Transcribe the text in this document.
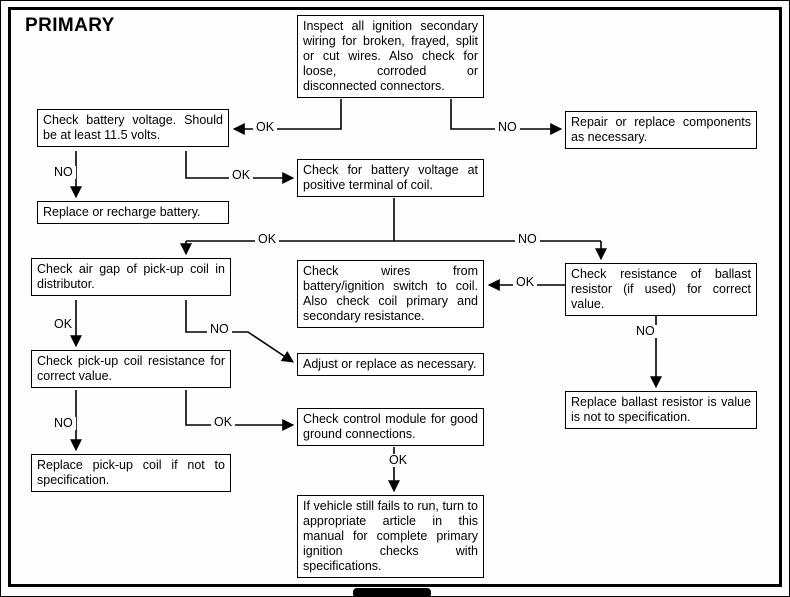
PRIMARY	Inspect all ignition secondary wiring for broken, frayed, split or cut wires. Also check for loose, corroded or disconnected connectors.
Check battery voltage. Should be at least 11.5 volts.
Repair or replace components as necessary.
Replace or recharge battery.
Check for battery voltage at positive terminal of coil.
Check air gap of pick-up coil in distributor.
Check wires from battery/ignition switch to coil. Also check coil primary and secondary resistance.
Check resistance of ballast resistor (if used) for correct value.
Check pick-up coil resistance for correct value.
Adjust or replace as necessary.
Replace ballast resistor is value is not to specification.
Replace pick-up coil if not to specification.
Check control module for good ground connections.
If vehicle still fails to run, turn to appropriate article in this manual for complete primary ignition checks with specifications.
OK	NO
NO	OK
OK	NO
OK	NO
NO	OK
OK
OK
NO
